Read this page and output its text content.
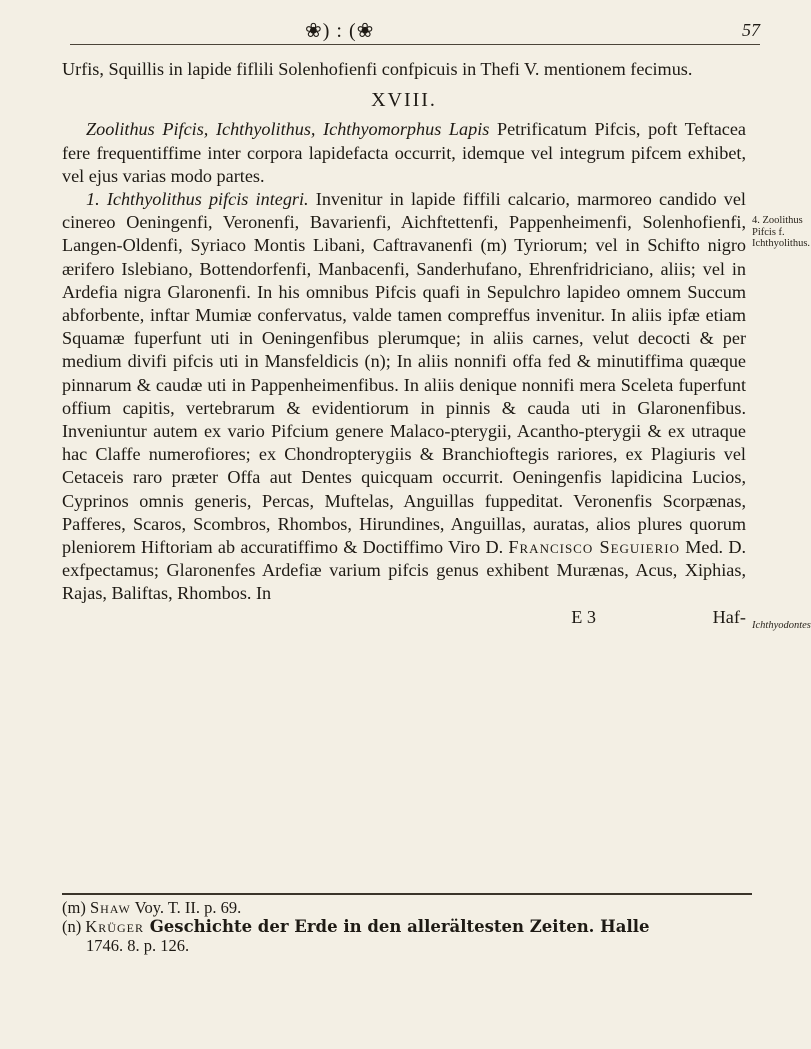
❀) : (❀	57

Urfis, Squillis in lapide fiflili Solenhofienfi confpicuis in Thefi V. mentionem fecimus.

XVIII.

Zoolithus Pifcis, Ichthyolithus, Ichthyomorphus Lapis Petrificatum Pifcis, poft Teftacea fere frequentiffime inter corpora lapidefacta occurrit, idemque vel integrum pifcem exhibet, vel ejus varias modo partes.

1. Ichthyolithus pifcis integri. Invenitur in lapide fiffili calcario, marmoreo candido vel cinereo Oeningenfi, Veronenfi, Bavarienfi, Aichftettenfi, Pappenheimenfi, Solenhofienfi, Langen-Oldenfi, Syriaco Montis Libani, Caftravanenfi (m) Tyriorum; vel in Schifto nigro ærifero Islebiano, Bottendorfenfi, Manbacenfi, Sanderhufano, Ehrenfridriciano, aliis; vel in Ardefia nigra Glaronenfi. In his omnibus Pifcis quafi in Sepulchro lapideo omnem Succum abforbente, inftar Mumiæ confervatus, valde tamen compreffus invenitur. In aliis ipfæ etiam Squamæ fuperfunt uti in Oeningenfibus plerumque; in aliis carnes, velut decocti & per medium divifi pifcis uti in Mansfeldicis (n); In aliis nonnifi offa fed & minutiffima quæque pinnarum & caudæ uti in Pappenheimenfibus. In aliis denique nonnifi mera Sceleta fuperfunt offium capitis, vertebrarum & evidentiorum in pinnis & cauda uti in Glaronenfibus. Inveniuntur autem ex vario Pifcium genere Malaco-pterygii, Acantho-pterygii & ex utraque hac Claffe numerofiores; ex Chondropterygiis & Branchioftegis rariores, ex Plagiuris vel Cetaceis raro præter Offa aut Dentes quicquam occurrit. Oeningenfis lapidicina Lucios, Cyprinos omnis generis, Percas, Muftelas, Anguillas fuppeditat. Veronenfis Scorpænas, Pafferes, Scaros, Scombros, Rhombos, Hirundines, Anguillas, auratas, alios plures quorum pleniorem Hiftoriam ab accuratiffimo & Doctiffimo Viro D. Francisco Seguierio Med. D. exfpectamus; Glaronenfes Ardefiæ varium pifcis genus exhibent Murænas, Acus, Xiphias, Rajas, Baliftas, Rhombos. In

E 3	Haf-

4. Zoolithus Pifcis f. Ichthyolithus.
Ichthyodontes

(m) Shaw Voy. T. II. p. 69.

(n) Krüger Geschichte der Erde in den allerältesten Zeiten. Halle

1746. 8. p. 126.
